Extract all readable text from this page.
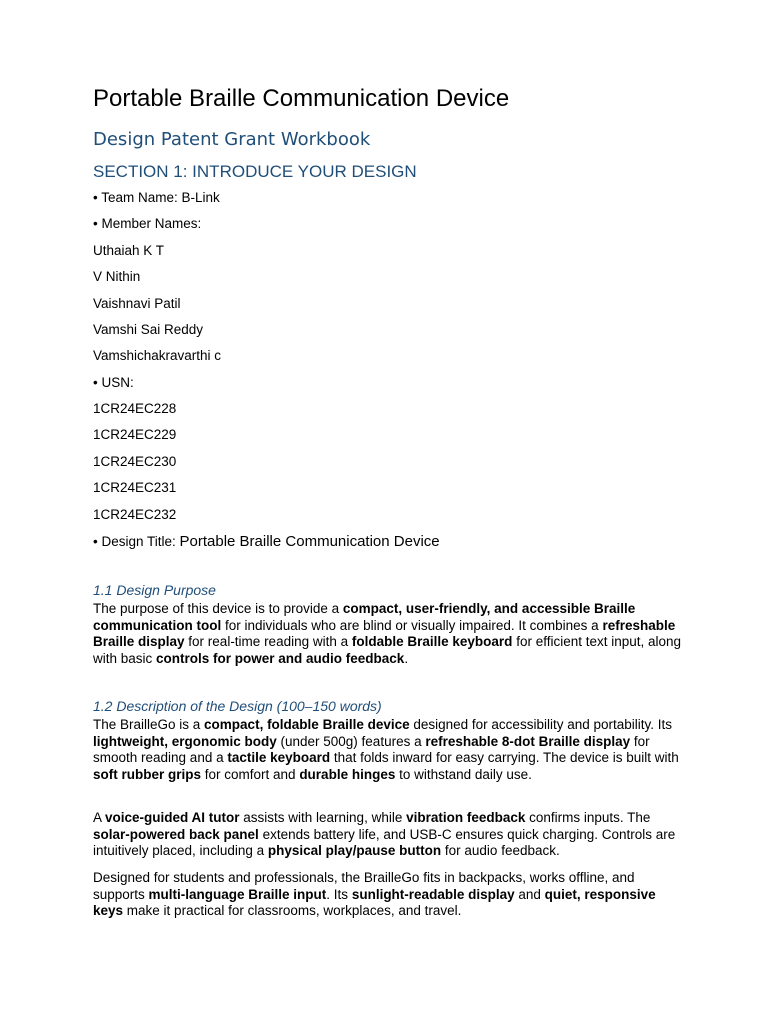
Portable Braille Communication Device
Design Patent Grant Workbook
SECTION 1: INTRODUCE YOUR DESIGN
• Team Name: B-Link
• Member Names:
Uthaiah K T
V Nithin
Vaishnavi Patil
Vamshi Sai Reddy
Vamshichakravarthi c
• USN:
1CR24EC228
1CR24EC229
1CR24EC230
1CR24EC231
1CR24EC232
• Design Title: Portable Braille Communication Device
1.1 Design Purpose
The purpose of this device is to provide a compact, user-friendly, and accessible Braille communication tool for individuals who are blind or visually impaired. It combines a refreshable Braille display for real-time reading with a foldable Braille keyboard for efficient text input, along with basic controls for power and audio feedback.
1.2 Description of the Design (100–150 words)
The BrailleGo is a compact, foldable Braille device designed for accessibility and portability. Its lightweight, ergonomic body (under 500g) features a refreshable 8-dot Braille display for smooth reading and a tactile keyboard that folds inward for easy carrying. The device is built with soft rubber grips for comfort and durable hinges to withstand daily use.
A voice-guided AI tutor assists with learning, while vibration feedback confirms inputs. The solar-powered back panel extends battery life, and USB-C ensures quick charging. Controls are intuitively placed, including a physical play/pause button for audio feedback.
Designed for students and professionals, the BrailleGo fits in backpacks, works offline, and supports multi-language Braille input. Its sunlight-readable display and quiet, responsive keys make it practical for classrooms, workplaces, and travel.
